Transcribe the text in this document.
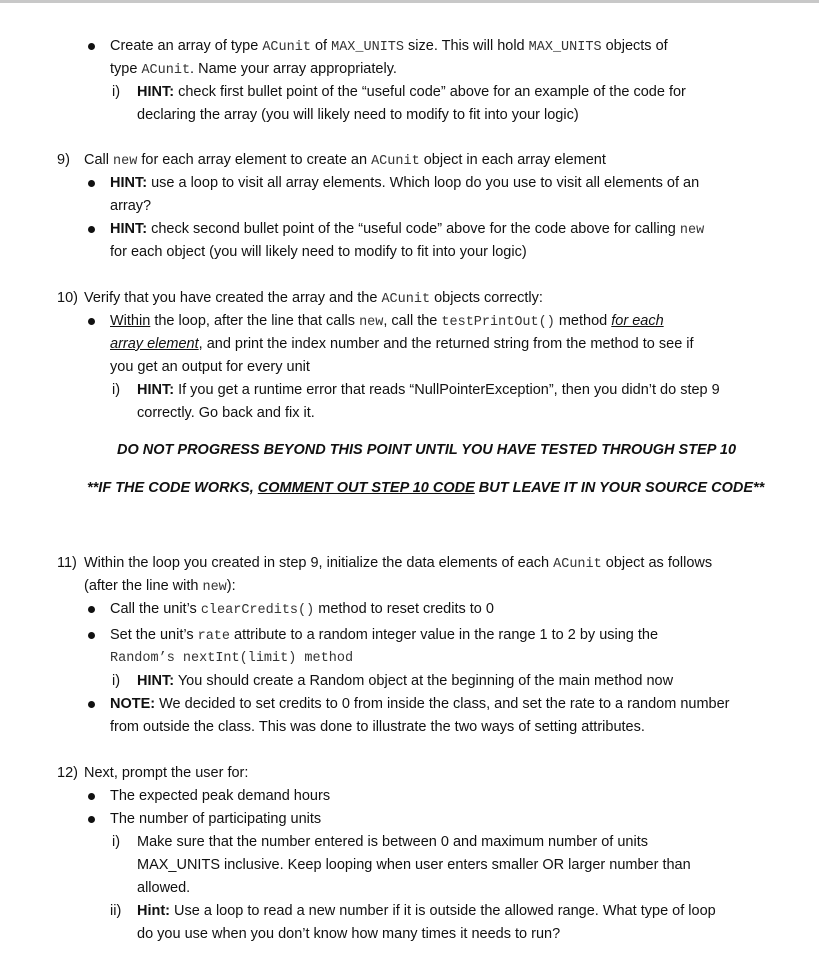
Create an array of type ACunit of MAX_UNITS size. This will hold MAX_UNITS objects of
type ACunit. Name your array appropriately.
i) HINT: check first bullet point of the “useful code” above for an example of the code for
declaring the array (you will likely need to modify to fit into your logic)
9) Call new for each array element to create an ACunit object in each array element
HINT: use a loop to visit all array elements. Which loop do you use to visit all elements of an
array?
HINT: check second bullet point of the “useful code” above for the code above for calling new
for each object (you will likely need to modify to fit into your logic)
10) Verify that you have created the array and the ACunit objects correctly:
Within the loop, after the line that calls new, call the testPrintOut() method for each
array element, and print the index number and the returned string from the method to see if
you get an output for every unit
i) HINT: If you get a runtime error that reads “NullPointerException”, then you didn’t do step 9
correctly. Go back and fix it.
DO NOT PROGRESS BEYOND THIS POINT UNTIL YOU HAVE TESTED THROUGH STEP 10
**IF THE CODE WORKS, COMMENT OUT STEP 10 CODE BUT LEAVE IT IN YOUR SOURCE CODE**
11) Within the loop you created in step 9, initialize the data elements of each ACunit object as follows
(after the line with new):
Call the unit’s clearCredits() method to reset credits to 0
Set the unit’s rate attribute to a random integer value in the range 1 to 2 by using the
Random’s nextInt(limit) method
i) HINT: You should create a Random object at the beginning of the main method now
NOTE: We decided to set credits to 0 from inside the class, and set the rate to a random number
from outside the class. This was done to illustrate the two ways of setting attributes.
12) Next, prompt the user for:
The expected peak demand hours
The number of participating units
i) Make sure that the number entered is between 0 and maximum number of units
MAX_UNITS inclusive. Keep looping when user enters smaller OR larger number than
allowed.
ii) Hint: Use a loop to read a new number if it is outside the allowed range. What type of loop
do you use when you don’t know how many times it needs to run?
